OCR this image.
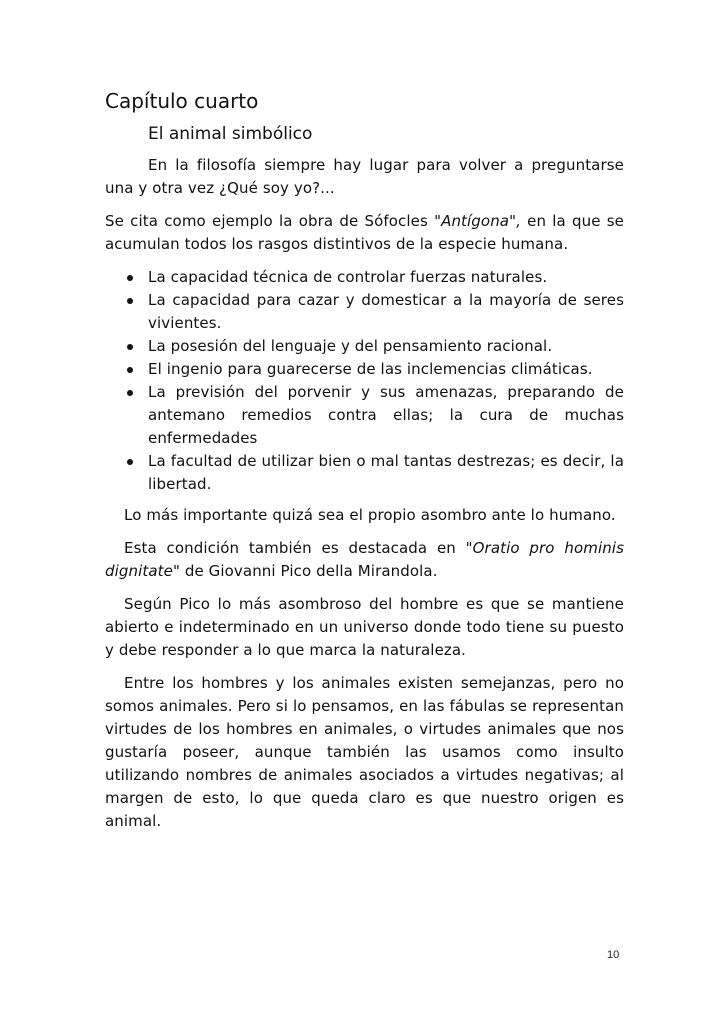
Capítulo cuarto
El animal simbólico

En la filosofía siempre hay lugar para volver a preguntarse una y otra vez ¿Qué soy yo?...

Se cita como ejemplo la obra de Sófocles "Antígona", en la que se acumulan todos los rasgos distintivos de la especie humana.

La capacidad técnica de controlar fuerzas naturales.
La capacidad para cazar y domesticar a la mayoría de seres vivientes.
La posesión del lenguaje y del pensamiento racional.
El ingenio para guarecerse de las inclemencias climáticas.
La previsión del porvenir y sus amenazas, preparando de antemano remedios contra ellas; la cura de muchas enfermedades
La facultad de utilizar bien o mal tantas destrezas; es decir, la libertad.

Lo más importante quizá sea el propio asombro ante lo humano.

Esta condición también es destacada en "Oratio pro hominis dignitate" de Giovanni Pico della Mirandola.

Según Pico lo más asombroso del hombre es que se mantiene abierto e indeterminado en un universo donde todo tiene su puesto y debe responder a lo que marca la naturaleza.

Entre los hombres y los animales existen semejanzas, pero no somos animales. Pero si lo pensamos, en las fábulas se representan virtudes de los hombres en animales, o virtudes animales que nos gustaría poseer, aunque también las usamos como insulto utilizando nombres de animales asociados a virtudes negativas; al margen de esto, lo que queda claro es que nuestro origen es animal.

10
